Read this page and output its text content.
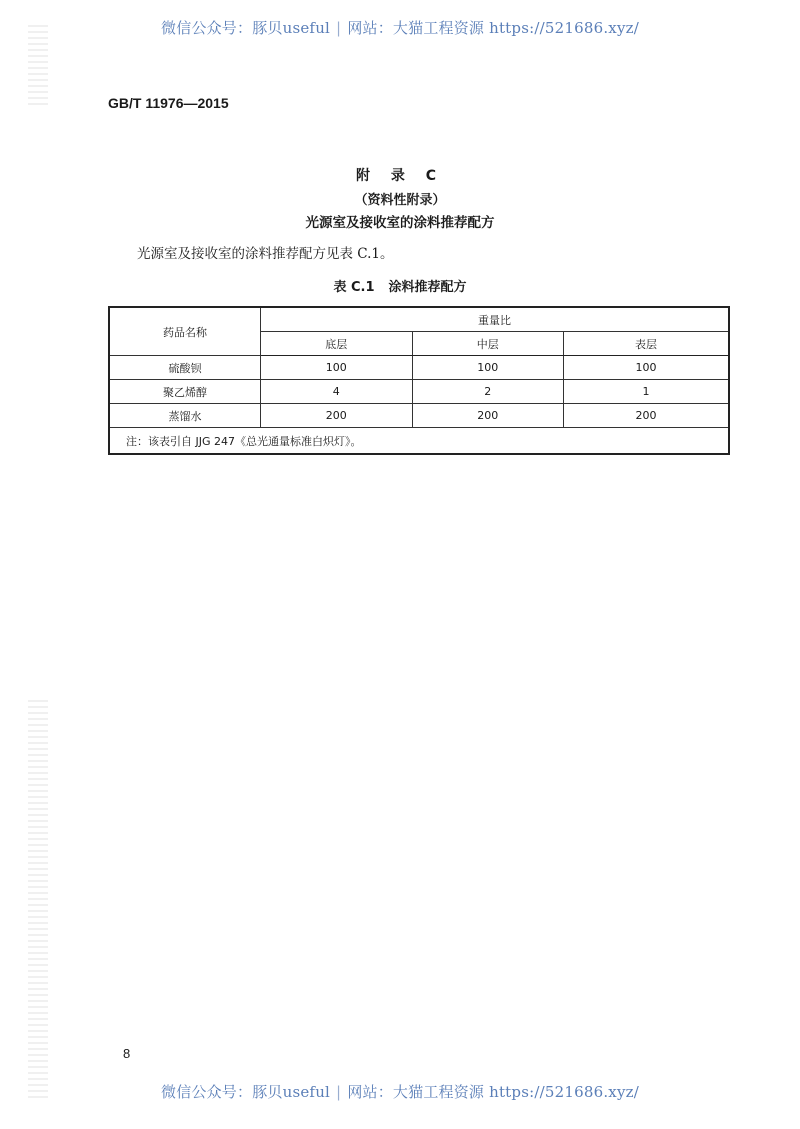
微信公众号：豚贝useful | 网站：大猫工程资源 https://521686.xyz/
GB/T 11976—2015
附 录 C
（资料性附录）
光源室及接收室的涂料推荐配方
光源室及接收室的涂料推荐配方见表 C.1。
表 C.1 涂料推荐配方
药品名称	重量比		
	底层	中层	表层
硫酸钡	100	100	100
聚乙烯醇	4	2	1
蒸馏水	200	200	200
注：该表引自 JJG 247《总光通量标准白炽灯》。			
8
微信公众号：豚贝useful | 网站：大猫工程资源 https://521686.xyz/
